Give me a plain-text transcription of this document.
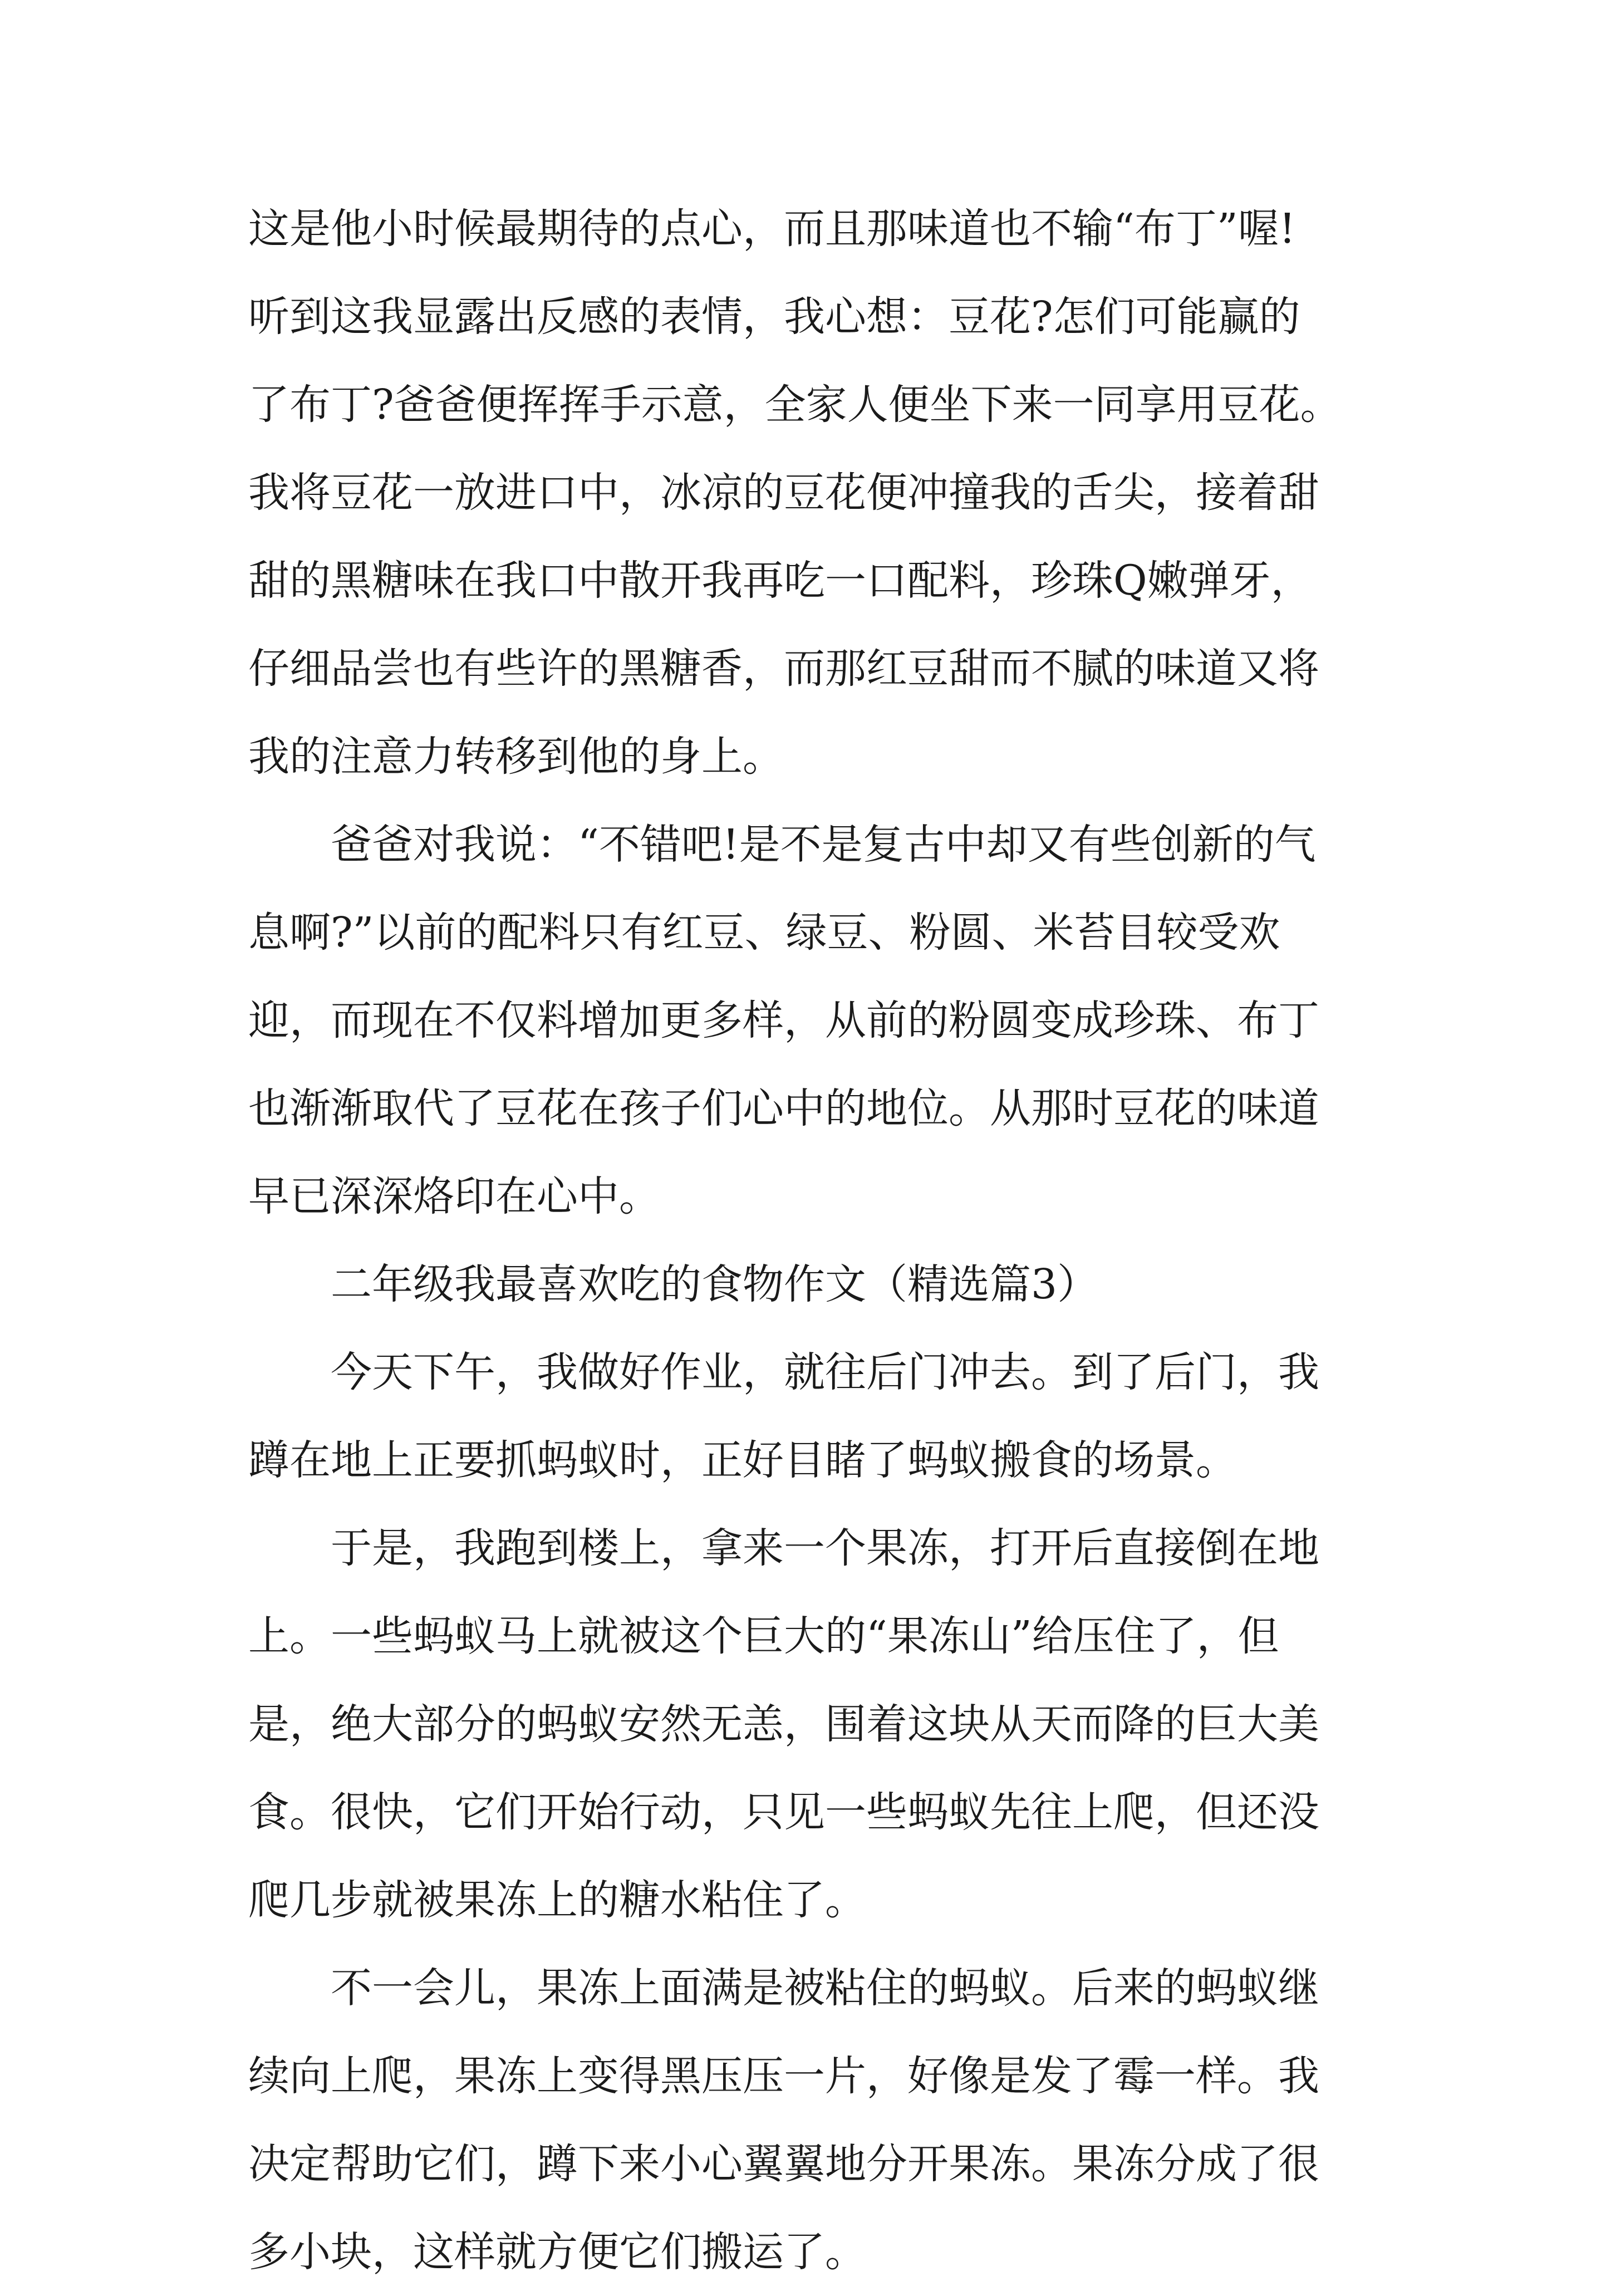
这是他小时候最期待的点心，而且那味道也不输“布丁”喔!
听到这我显露出反感的表情，我心想：豆花?怎们可能赢的
了布丁?爸爸便挥挥手示意，全家人便坐下来一同享用豆花。
我将豆花一放进口中，冰凉的豆花便冲撞我的舌尖，接着甜
甜的黑糖味在我口中散开我再吃一口配料，珍珠Q嫩弹牙，
仔细品尝也有些许的黑糖香，而那红豆甜而不腻的味道又将
我的注意力转移到他的身上。
爸爸对我说：“不错吧!是不是复古中却又有些创新的气
息啊?”以前的配料只有红豆、绿豆、粉圆、米苔目较受欢
迎，而现在不仅料增加更多样，从前的粉圆变成珍珠、布丁
也渐渐取代了豆花在孩子们心中的地位。从那时豆花的味道
早已深深烙印在心中。
二年级我最喜欢吃的食物作文（精选篇3）
今天下午，我做好作业，就往后门冲去。到了后门，我
蹲在地上正要抓蚂蚁时，正好目睹了蚂蚁搬食的场景。
于是，我跑到楼上，拿来一个果冻，打开后直接倒在地
上。一些蚂蚁马上就被这个巨大的“果冻山”给压住了，但
是，绝大部分的蚂蚁安然无恙，围着这块从天而降的巨大美
食。很快，它们开始行动，只见一些蚂蚁先往上爬，但还没
爬几步就被果冻上的糖水粘住了。
不一会儿，果冻上面满是被粘住的蚂蚁。后来的蚂蚁继
续向上爬，果冻上变得黑压压一片，好像是发了霉一样。我
决定帮助它们，蹲下来小心翼翼地分开果冻。果冻分成了很
多小块，这样就方便它们搬运了。
